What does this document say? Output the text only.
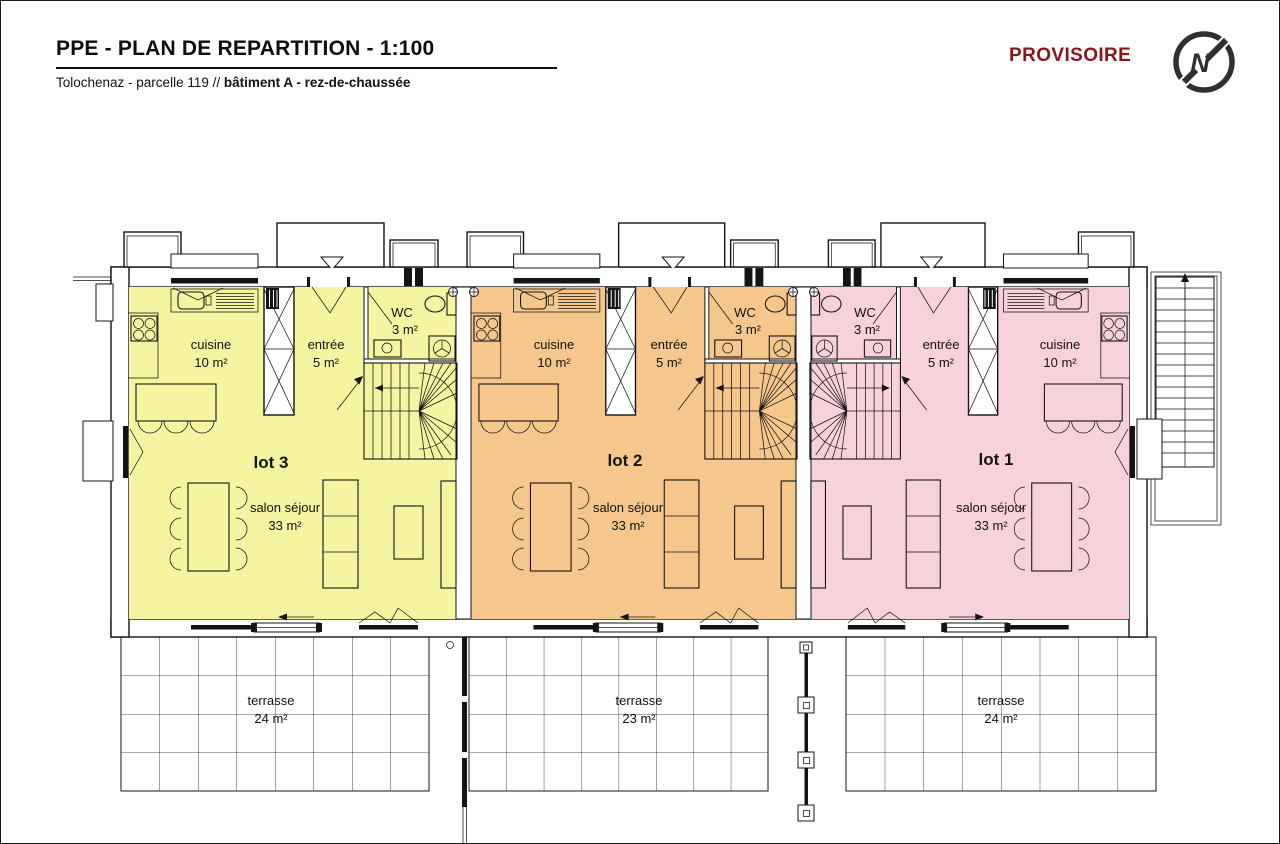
PPE - PLAN DE REPARTITION - 1:100
Tolochenaz - parcelle 119 // bâtiment A - rez-de-chaussée
PROVISOIRE N
cuisine
10 m²
entrée
5 m²
WC
3 m²
lot 3
salon séjour
33 m²
terrasse
24 m²
cuisine
10 m²
entrée
5 m²
WC
3 m²
lot 2
salon séjour
33 m²
terrasse
23 m²
cuisine
10 m²
entrée
5 m²
WC
3 m²
lot 1
salon séjour
33 m²
terrasse
24 m²
